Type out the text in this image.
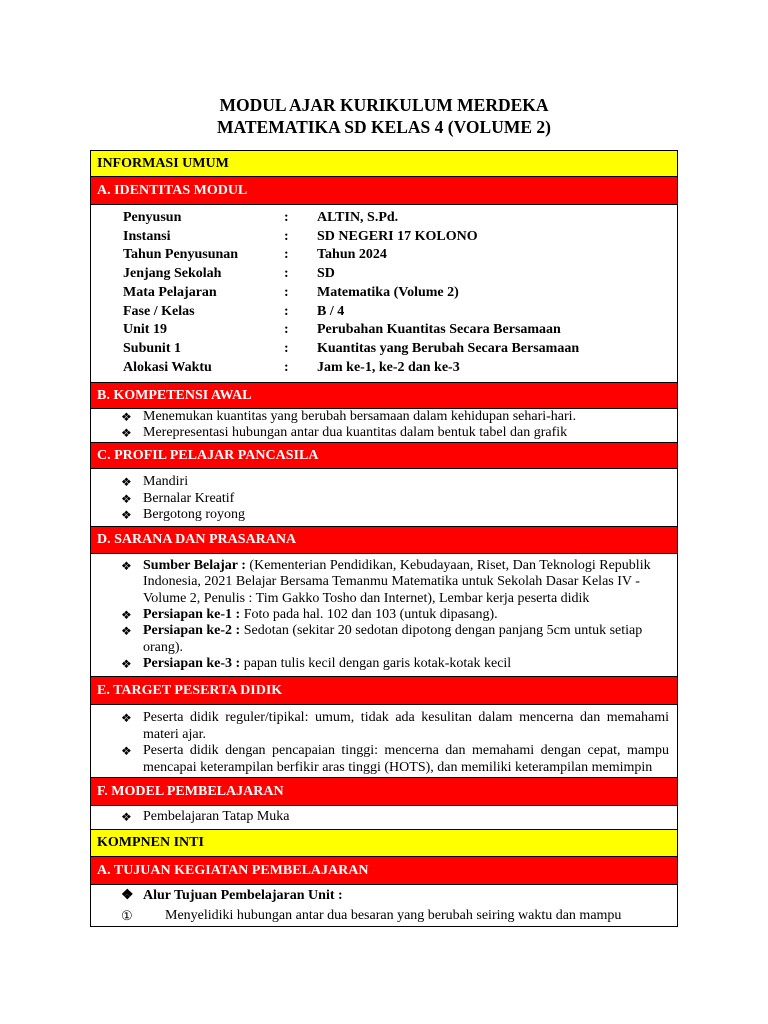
MODUL AJAR KURIKULUM MERDEKA
MATEMATIKA SD KELAS 4 (VOLUME 2)
INFORMASI UMUM
A. IDENTITAS MODUL
Penyusun	: ALTIN, S.Pd.
Instansi	: SD NEGERI 17 KOLONO
Tahun Penyusunan	: Tahun 2024
Jenjang Sekolah	: SD
Mata Pelajaran	: Matematika (Volume 2)
Fase / Kelas	: B / 4
Unit 19	: Perubahan Kuantitas Secara Bersamaan
Subunit 1	: Kuantitas yang Berubah Secara Bersamaan
Alokasi Waktu	: Jam ke-1, ke-2 dan ke-3
B. KOMPETENSI AWAL
❖ Menemukan kuantitas yang berubah bersamaan dalam kehidupan sehari-hari.
❖ Merepresentasi hubungan antar dua kuantitas dalam bentuk tabel dan grafik
C. PROFIL PELAJAR PANCASILA
❖ Mandiri
❖ Bernalar Kreatif
❖ Bergotong royong
D. SARANA DAN PRASARANA
❖ Sumber Belajar : (Kementerian Pendidikan, Kebudayaan, Riset, Dan Teknologi Republik
Indonesia, 2021 Belajar Bersama Temanmu Matematika untuk Sekolah Dasar Kelas IV -
Volume 2, Penulis : Tim Gakko Tosho dan Internet), Lembar kerja peserta didik
❖ Persiapan ke-1 : Foto pada hal. 102 dan 103 (untuk dipasang).
❖ Persiapan ke-2 : Sedotan (sekitar 20 sedotan dipotong dengan panjang 5cm untuk setiap
orang).
❖ Persiapan ke-3 : papan tulis kecil dengan garis kotak-kotak kecil
E. TARGET PESERTA DIDIK
❖ Peserta didik reguler/tipikal: umum, tidak ada kesulitan dalam mencerna dan memahami
materi ajar.
❖ Peserta didik dengan pencapaian tinggi: mencerna dan memahami dengan cepat, mampu
mencapai keterampilan berfikir aras tinggi (HOTS), dan memiliki keterampilan memimpin
F. MODEL PEMBELAJARAN
❖ Pembelajaran Tatap Muka
KOMPNEN INTI
A. TUJUAN KEGIATAN PEMBELAJARAN
❖ Alur Tujuan Pembelajaran Unit :
① Menyelidiki hubungan antar dua besaran yang berubah seiring waktu dan mampu
